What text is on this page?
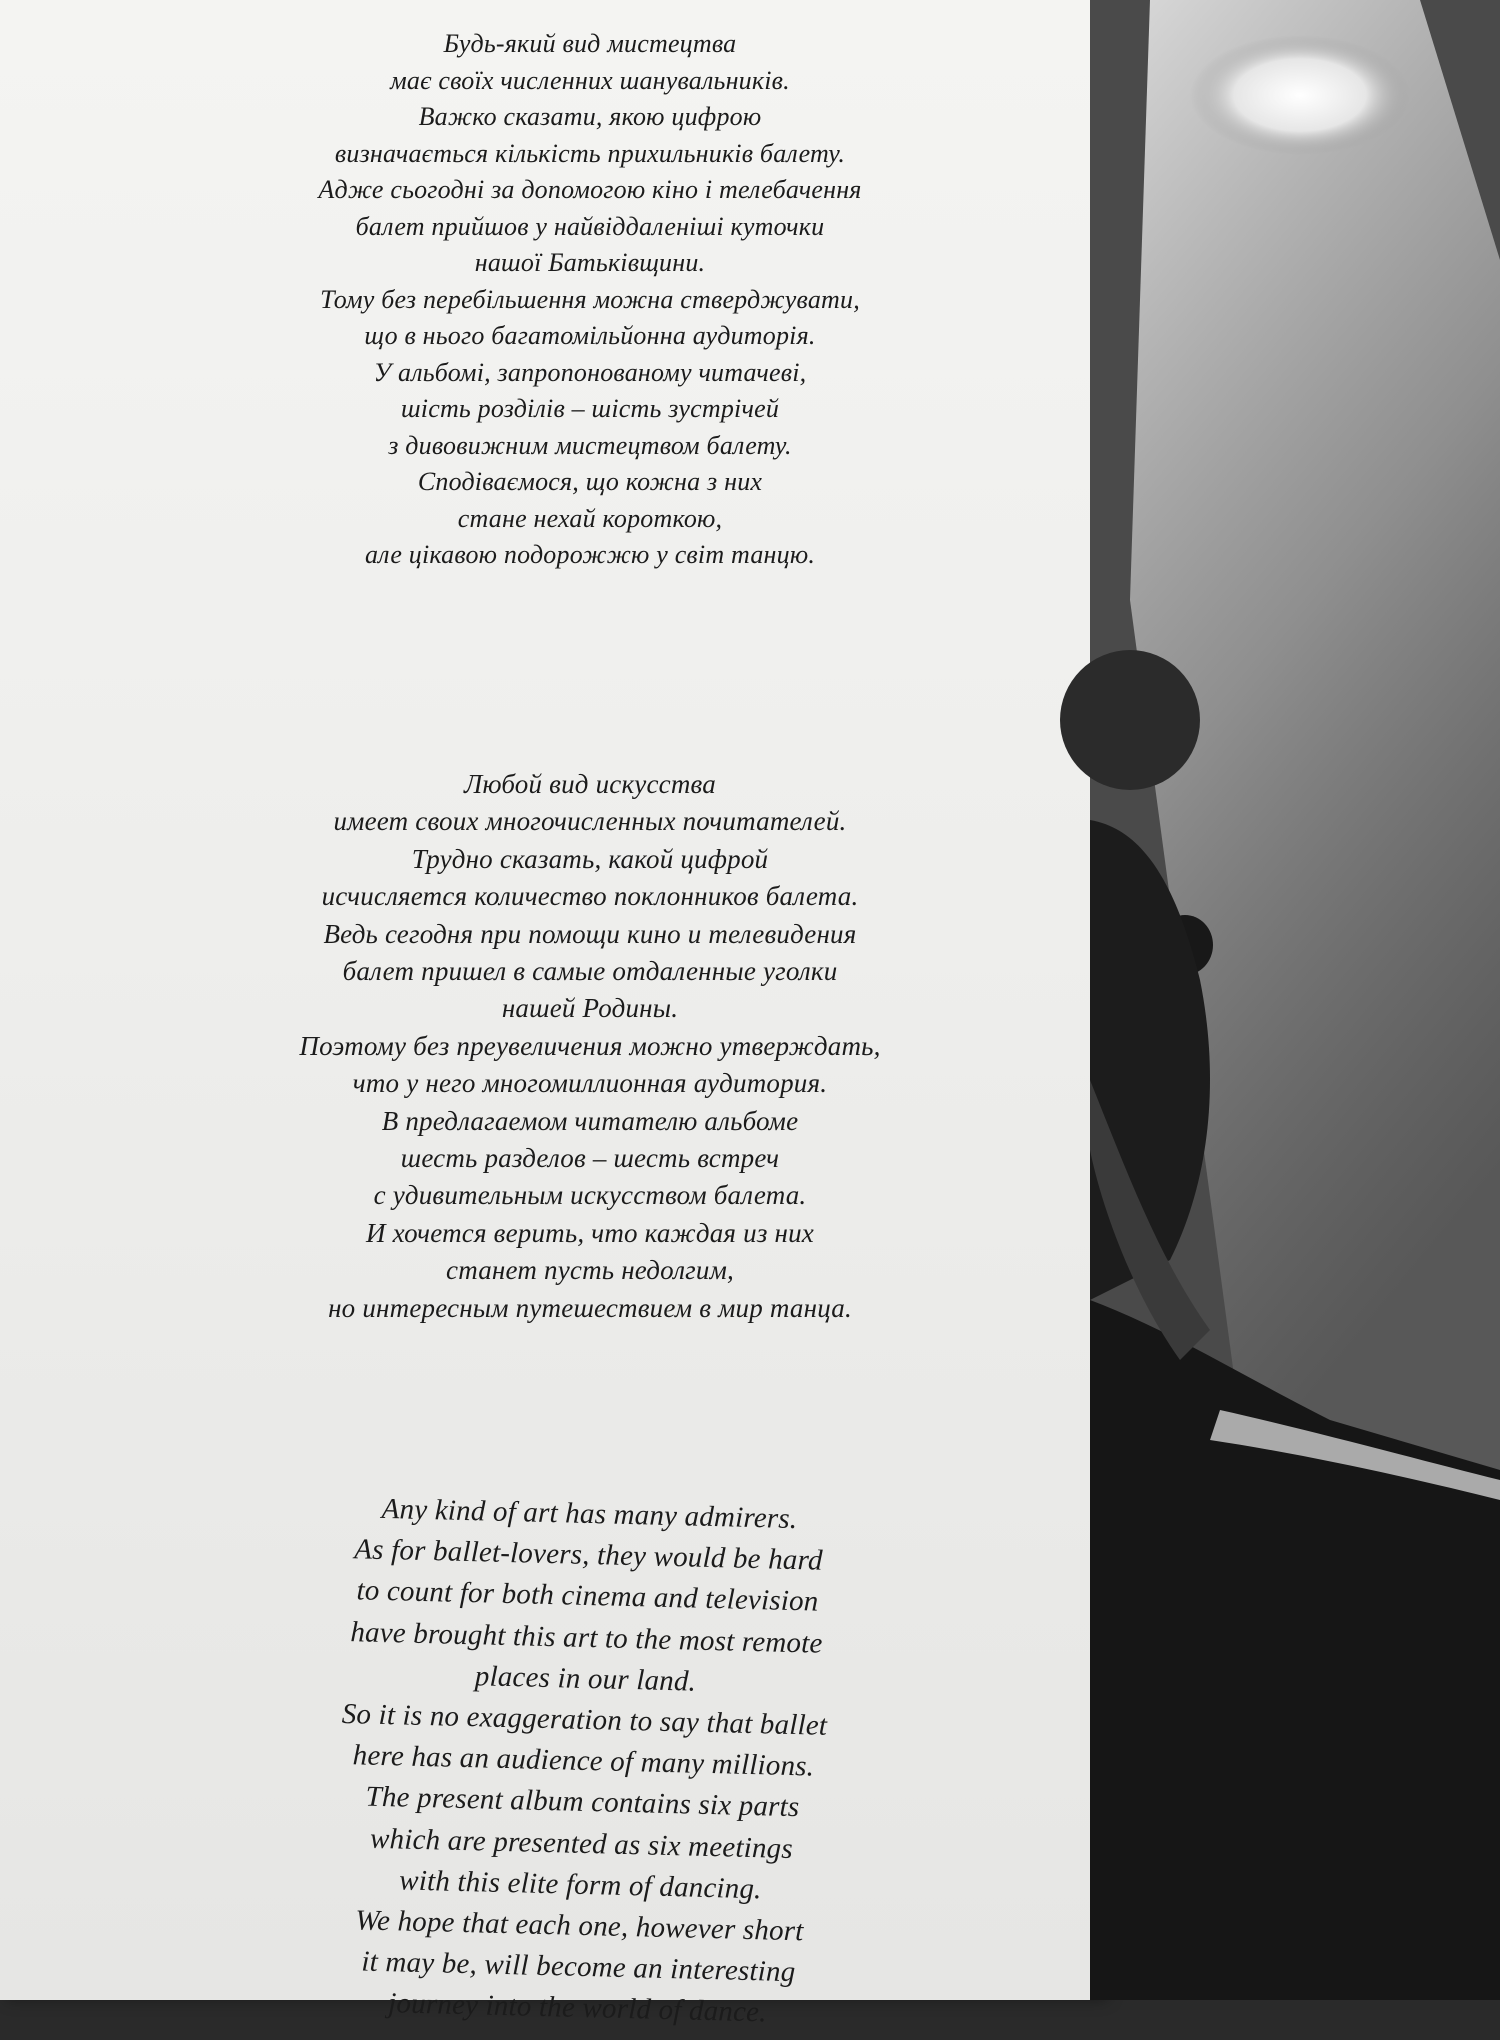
Будь-який вид мистецтва
має своїх численних шанувальників.
Важко сказати, якою цифрою
визначається кількість прихильників балету.
Адже сьогодні за допомогою кіно і телебачення
балет прийшов у найвіддаленіші куточки
нашої Батьківщини.
Тому без перебільшення можна стверджувати,
що в нього багатомільйонна аудиторія.
У альбомі, запропонованому читачеві,
шість розділів – шість зустрічей
з дивовижним мистецтвом балету.
Сподіваємося, що кожна з них
стане нехай короткою,
але цікавою подорожжю у світ танцю.
Любой вид искусства
имеет своих многочисленных почитателей.
Трудно сказать, какой цифрой
исчисляется количество поклонников балета.
Ведь сегодня при помощи кино и телевидения
балет пришел в самые отдаленные уголки
нашей Родины.
Поэтому без преувеличения можно утверждать,
что у него многомиллионная аудитория.
В предлагаемом читателю альбоме
шесть разделов – шесть встреч
с удивительным искусством балета.
И хочется верить, что каждая из них
станет пусть недолгим,
но интересным путешествием в мир танца.
Any kind of art has many admirers.
As for ballet-lovers, they would be hard
to count for both cinema and television
have brought this art to the most remote
places in our land.
So it is no exaggeration to say that ballet
here has an audience of many millions.
The present album contains six parts
which are presented as six meetings
with this elite form of dancing.
We hope that each one, however short
it may be, will become an interesting
journey into the world of dance.
